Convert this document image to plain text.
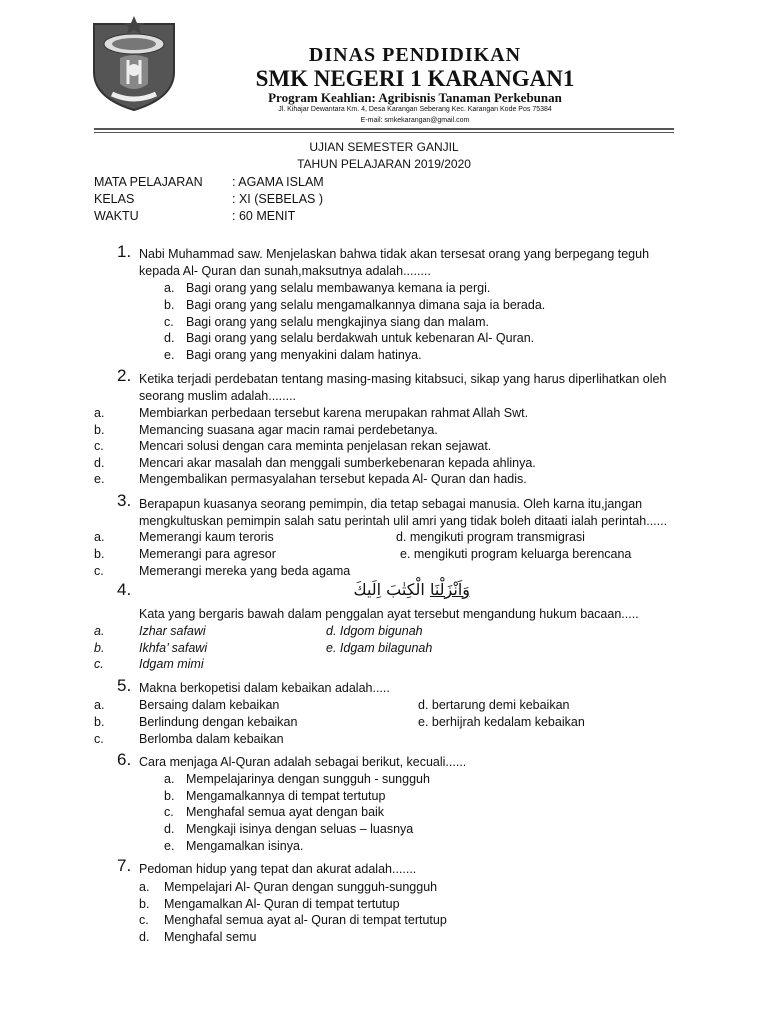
DINAS PENDIDIKAN
SMK NEGERI 1 KARANGAN1
Program Keahlian: Agribisnis Tanaman Perkebunan
Jl. Kihajar Dewantara Km. 4, Desa Karangan Seberang Kec. Karangan Kode Pos 75384
E-mail: smkekarangan@gmail.com
UJIAN SEMESTER GANJIL
TAHUN PELAJARAN 2019/2020
MATA PELAJARAN : AGAMA ISLAM
KELAS	: XI (SEBELAS )
WAKTU	: 60 MENIT
1. Nabi Muhammad saw. Menjelaskan bahwa tidak akan tersesat orang yang berpegang teguh
kepada Al- Quran dan sunah,maksutnya adalah........
a. Bagi orang yang selalu membawanya kemana ia pergi.
b. Bagi orang yang selalu mengamalkannya dimana saja ia berada.
c. Bagi orang yang selalu mengkajinya siang dan malam.
d. Bagi orang yang selalu berdakwah untuk kebenaran Al- Quran.
e. Bagi orang yang menyakini dalam hatinya.
2. Ketika terjadi perdebatan tentang masing-masing kitabsuci, sikap yang harus diperlihatkan oleh
seorang muslim adalah........
a.	Membiarkan perbedaan tersebut karena merupakan rahmat Allah Swt.
b.	Memancing suasana agar macin ramai perdebetanya.
c.	Mencari solusi dengan cara meminta penjelasan rekan sejawat.
d.	Mencari akar masalah dan menggali sumberkebenaran kepada ahlinya.
e.	Mengembalikan permasyalahan tersebut kepada Al- Quran dan hadis.
3. Berapapun kuasanya seorang pemimpin, dia tetap sebagai manusia. Oleh karna itu,jangan
mengkultuskan pemimpin salah satu perintah ulil amri yang tidak boleh ditaati ialah perintah......
a.	Memerangi kaum teroris	d. mengikuti program transmigrasi
b.	Memerangi para agresor	e. mengikuti program keluarga berencana
c.	Memerangi mereka yang beda agama
4.	وَاَنْزَلْنَا الْكِتٰبَ اِلَيكَ
Kata yang bergaris bawah dalam penggalan ayat tersebut mengandung hukum bacaan.....
a.	Izhar safawi	d. Idgom bigunah
b.	Ikhfa’ safawi	e. Idgam bilagunah
c.	Idgam mimi
5. Makna berkopetisi dalam kebaikan adalah.....
a.	Bersaing dalam kebaikan	d. bertarung demi kebaikan
b.	Berlindung dengan kebaikan	e. berhijrah kedalam kebaikan
c.	Berlomba dalam kebaikan
6. Cara menjaga Al-Quran adalah sebagai berikut, kecuali......
a. Mempelajarinya dengan sungguh - sungguh
b. Mengamalkannya di tempat tertutup
c. Menghafal semua ayat dengan baik
d. Mengkaji isinya dengan seluas – luasnya
e. Mengamalkan isinya.
7. Pedoman hidup yang tepat dan akurat adalah.......
a. Mempelajari Al- Quran dengan sungguh-sungguh
b. Mengamalkan Al- Quran di tempat tertutup
c. Menghafal semua ayat al- Quran di tempat tertutup
d. Menghafal semu
